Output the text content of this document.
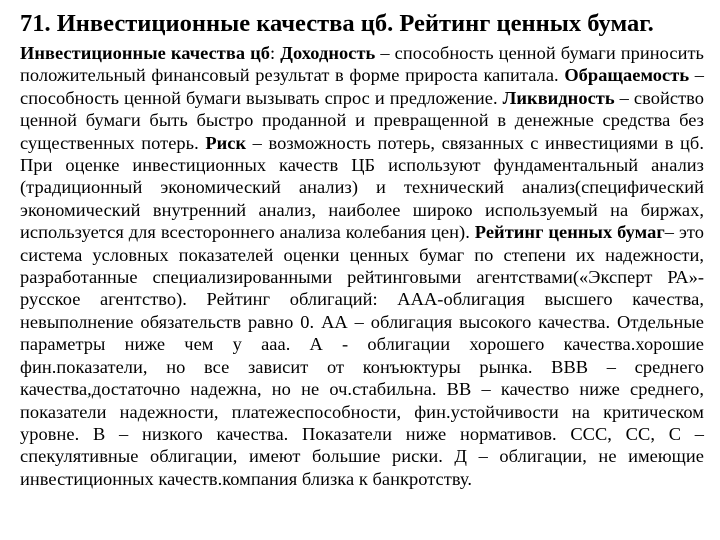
71. Инвестиционные качества цб. Рейтинг ценных бумаг.

Инвестиционные качества цб: Доходность – способность ценной бумаги приносить положительный финансовый результат в форме прироста капитала. Обращаемость – способность ценной бумаги вызывать спрос и предложение. Ликвидность – свойство ценной бумаги быть быстро проданной и превращенной в денежные средства без существенных потерь. Риск – возможность потерь, связанных с инвестициями в цб. При оценке инвестиционных качеств ЦБ используют фундаментальный анализ (традиционный экономический анализ) и технический анализ(специфический экономический внутренний анализ, наиболее широко используемый на биржах, используется для всестороннего анализа колебания цен). Рейтинг ценных бумаг– это система условных показателей оценки ценных бумаг по степени их надежности, разработанные специализированными рейтинговыми агентствами(«Эксперт РА»-русское агентство). Рейтинг облигаций: ААА-облигация высшего качества, невыполнение обязательств равно 0. АА – облигация высокого качества. Отдельные параметры ниже чем у ааа. А - облигации хорошего качества.хорошие фин.показатели, но все зависит от конъюктуры рынка. ВВВ – среднего качества,достаточно надежна, но не оч.стабильна. ВВ – качество ниже среднего, показатели надежности, платежеспособности, фин.устойчивости на критическом уровне. В – низкого качества. Показатели ниже нормативов. ССС, СС, С – спекулятивные облигации, имеют большие риски. Д – облигации, не имеющие инвестиционных качеств.компания близка к банкротству.
